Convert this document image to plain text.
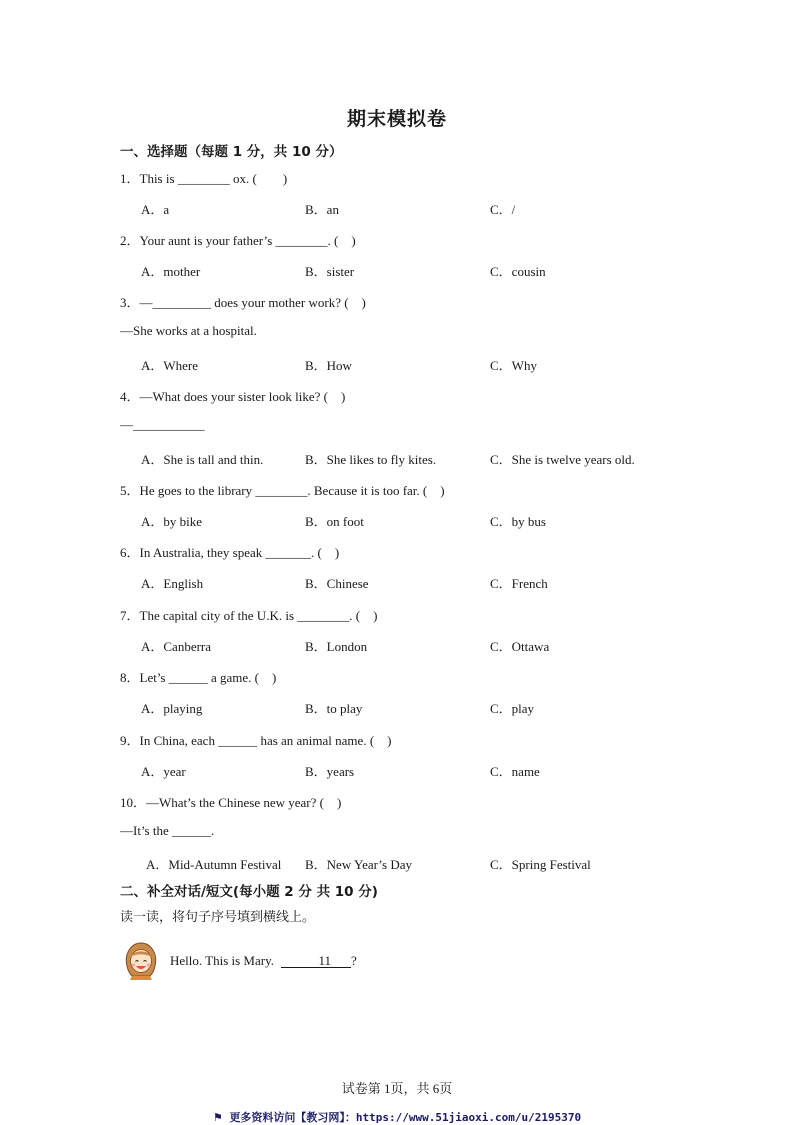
期末模拟卷
一、选择题（每题 1 分，共 10 分）
1．This is ________ ox. (　　)
A．a	B．an	C．/
2．Your aunt is your father’s ________. (　)
A．mother	B．sister	C．cousin
3．—_________ does your mother work? (　)
—She works at a hospital.
A．Where	B．How	C．Why
4．—What does your sister look like? (　)
—___________
A．She is tall and thin.	B．She likes to fly kites.	C．She is twelve years old.
5．He goes to the library ________. Because it is too far. (　)
A．by bike	B．on foot	C．by bus
6．In Australia, they speak _______. (　)
A．English	B．Chinese	C．French
7．The capital city of the U.K. is ________. (　)
A．Canberra	B．London	C．Ottawa
8．Let’s ______ a game. (　)
A．playing	B．to play	C．play
9．In China, each ______ has an animal name. (　)
A．year	B．years	C．name
10．—What’s the Chinese new year? (　)
—It’s the ______.
A．Mid-Autumn Festival B．New Year’s Day	C．Spring Festival
二、补全对话/短文(每小题 2 分 共 10 分)
读一读，将句子序号填到横线上。
Hello. This is Mary.	11 ?
试卷第 1页，共 6页
⚑ 更多资料访问【教习网】：https://www.51jiaoxi.com/u/2195370
